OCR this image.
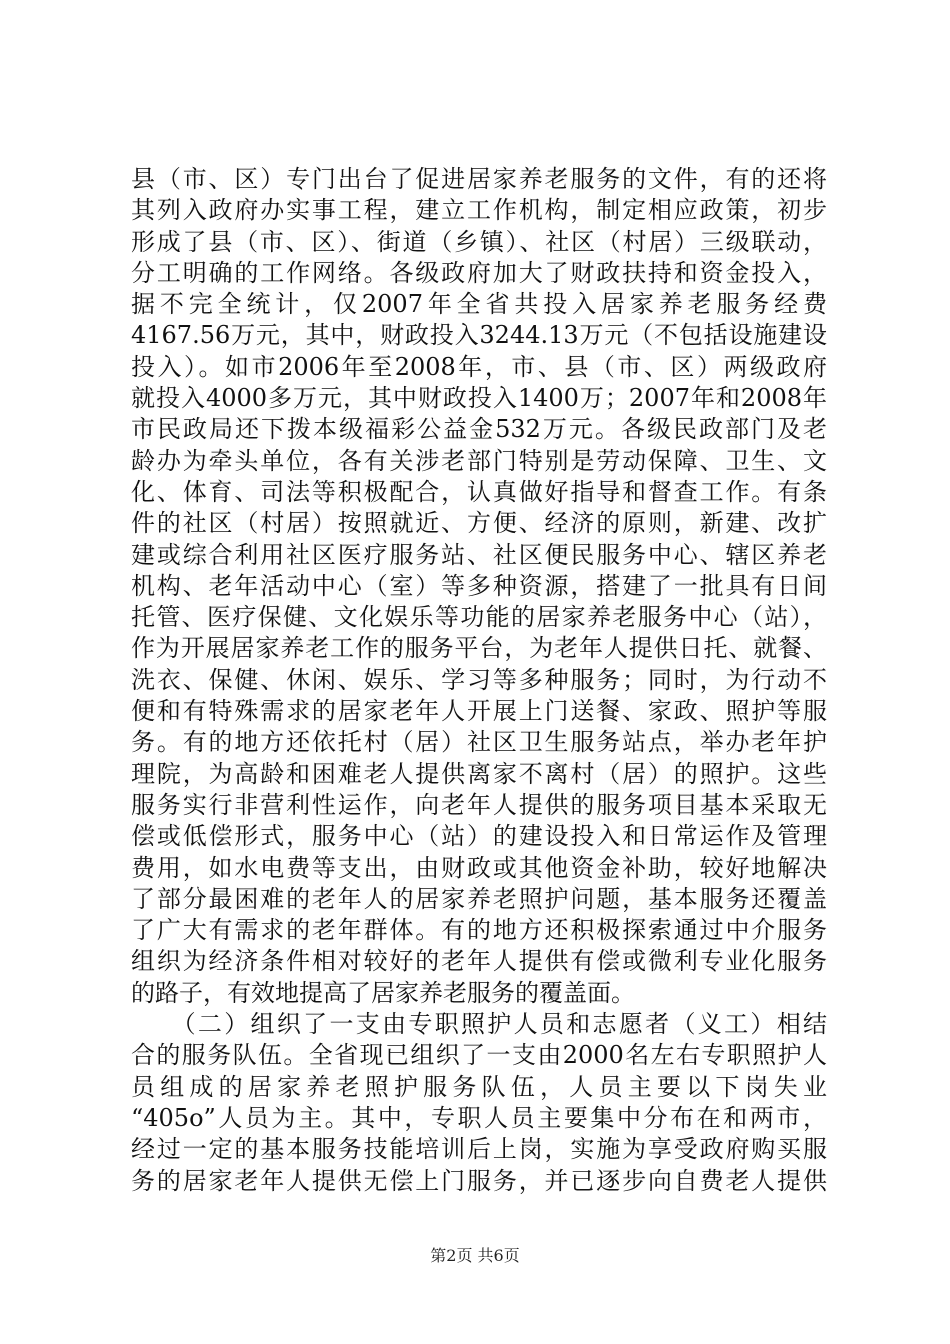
县（市、区）专门出台了促进居家养老服务的文件，有的还将
其列入政府办实事工程，建立工作机构，制定相应政策，初步
形成了县（市、区）、街道（乡镇）、社区（村居）三级联动，
分工明确的工作网络。各级政府加大了财政扶持和资金投入，
据不完全统计，仅2007年全省共投入居家养老服务经费
4167.56万元，其中，财政投入3244.13万元（不包括设施建设
投入）。如市2006年至2008年，市、县（市、区）两级政府
就投入4000多万元，其中财政投入1400万；2007年和2008年
市民政局还下拨本级福彩公益金532万元。各级民政部门及老
龄办为牵头单位，各有关涉老部门特别是劳动保障、卫生、文
化、体育、司法等积极配合，认真做好指导和督查工作。有条
件的社区（村居）按照就近、方便、经济的原则，新建、改扩
建或综合利用社区医疗服务站、社区便民服务中心、辖区养老
机构、老年活动中心（室）等多种资源，搭建了一批具有日间
托管、医疗保健、文化娱乐等功能的居家养老服务中心（站），
作为开展居家养老工作的服务平台，为老年人提供日托、就餐、
洗衣、保健、休闲、娱乐、学习等多种服务；同时，为行动不
便和有特殊需求的居家老年人开展上门送餐、家政、照护等服
务。有的地方还依托村（居）社区卫生服务站点，举办老年护
理院，为高龄和困难老人提供离家不离村（居）的照护。这些
服务实行非营利性运作，向老年人提供的服务项目基本采取无
偿或低偿形式，服务中心（站）的建设投入和日常运作及管理
费用，如水电费等支出，由财政或其他资金补助，较好地解决
了部分最困难的老年人的居家养老照护问题，基本服务还覆盖
了广大有需求的老年群体。有的地方还积极探索通过中介服务
组织为经济条件相对较好的老年人提供有偿或微利专业化服务
的路子，有效地提高了居家养老服务的覆盖面。
　　（二）组织了一支由专职照护人员和志愿者（义工）相结
合的服务队伍。全省现已组织了一支由2000名左右专职照护人
员组成的居家养老照护服务队伍，人员主要以下岗失业
“405o”人员为主。其中，专职人员主要集中分布在和两市，
经过一定的基本服务技能培训后上岗，实施为享受政府购买服
务的居家老年人提供无偿上门服务，并已逐步向自费老人提供
第2页 共6页
